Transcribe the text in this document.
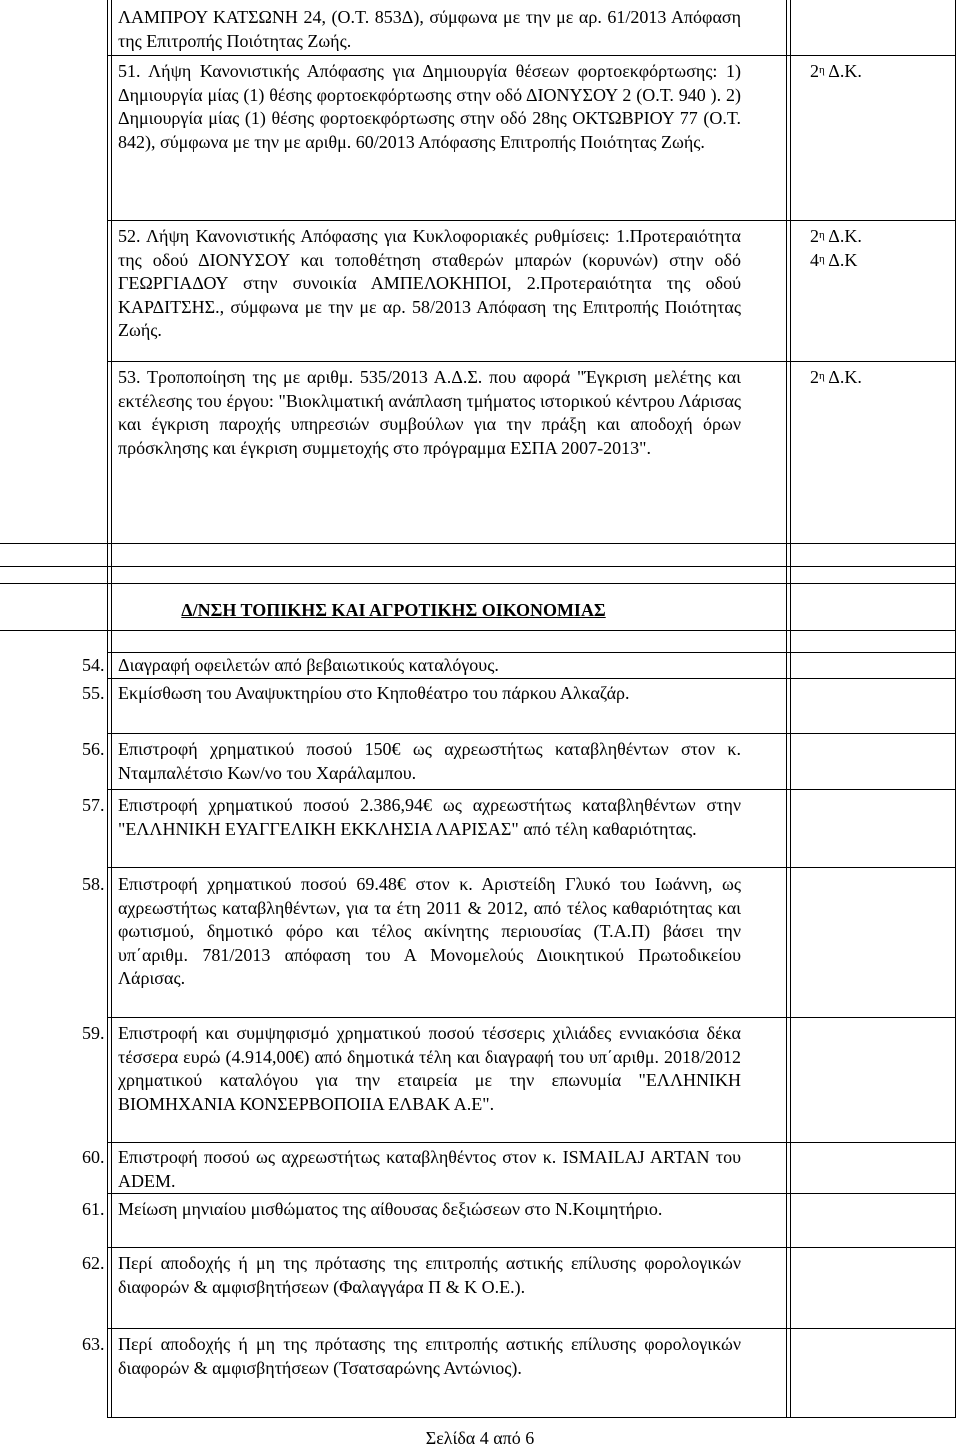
ΛΑΜΠΡΟΥ ΚΑΤΣΩΝΗ 24, (Ο.Τ. 853Δ), σύμφωνα με την με αρ. 61/2013 Απόφαση της Επιτροπής Ποιότητας Ζωής.
51. Λήψη Κανονιστικής Απόφασης για Δημιουργία θέσεων φορτοεκφόρτωσης: 1) Δημιουργία μίας (1) θέσης φορτοεκφόρτωσης στην οδό ΔΙΟΝΥΣΟΥ 2 (Ο.Τ. 940 ). 2) Δημιουργία μίας (1) θέσης φορτοεκφόρτωσης στην οδό 28ης ΟΚΤΩΒΡΙΟΥ 77 (Ο.Τ. 842), σύμφωνα με την με αριθμ. 60/2013 Απόφασης Επιτροπής Ποιότητας Ζωής.
$2^\eta$ Δ.Κ.
52. Λήψη Κανονιστικής Απόφασης για Κυκλοφοριακές ρυθμίσεις: 1.Προτεραιότητα της οδού ΔΙΟΝΥΣΟΥ και τοποθέτηση σταθερών μπαρών (κορυνών) στην οδό ΓΕΩΡΓΙΑΔΟΥ στην συνοικία ΑΜΠΕΛΟΚΗΠΟΙ, 2.Προτεραιότητα της οδού ΚΑΡΔΙΤΣΗΣ., σύμφωνα με την με αρ. 58/2013 Απόφαση της Επιτροπής Ποιότητας Ζωής.
$2^\eta$ Δ.Κ.
$4^\eta$ Δ.Κ
53. Τροποποίηση της με αριθμ. 535/2013 Α.Δ.Σ. που αφορά "Έγκριση μελέτης και εκτέλεσης του έργου: "Βιοκλιματική ανάπλαση τμήματος ιστορικού κέντρου Λάρισας και έγκριση παροχής υπηρεσιών συμβούλων για την πράξη και αποδοχή όρων πρόσκλησης και έγκριση συμμετοχής στο πρόγραμμα ΕΣΠΑ 2007-2013".
$2^\eta$ Δ.Κ.
Δ/ΝΣΗ ΤΟΠΙΚΗΣ ΚΑΙ ΑΓΡΟΤΙΚΗΣ ΟΙΚΟΝΟΜΙΑΣ
54. Διαγραφή οφειλετών από βεβαιωτικούς καταλόγους.
55. Εκμίσθωση του Αναψυκτηρίου στο Κηποθέατρο του πάρκου Αλκαζάρ.
56. Επιστροφή χρηματικού ποσού 150€ ως αχρεωστήτως καταβληθέντων στον κ. Νταμπαλέτσιο Κων/νο του Χαράλαμπου.
57. Επιστροφή χρηματικού ποσού 2.386,94€ ως αχρεωστήτως καταβληθέντων στην "ΕΛΛΗΝΙΚΗ ΕΥΑΓΓΕΛΙΚΗ ΕΚΚΛΗΣΙΑ ΛΑΡΙΣΑΣ" από τέλη καθαριότητας.
58. Επιστροφή χρηματικού ποσού 69.48€ στον κ. Αριστείδη Γλυκό του Ιωάννη, ως αχρεωστήτως καταβληθέντων, για τα έτη 2011 & 2012, από τέλος καθαριότητας και φωτισμού, δημοτικό φόρο και τέλος ακίνητης περιουσίας (Τ.Α.Π) βάσει την υπ΄αριθμ. 781/2013 απόφαση του Α Μονομελούς Διοικητικού Πρωτοδικείου Λάρισας.
59. Επιστροφή και συμψηφισμό χρηματικού ποσού τέσσερις χιλιάδες εννιακόσια δέκα τέσσερα ευρώ (4.914,00€) από δημοτικά τέλη και διαγραφή του υπ΄αριθμ. 2018/2012 χρηματικού καταλόγου για την εταιρεία με την επωνυμία "ΕΛΛΗΝΙΚΗ ΒΙΟΜΗΧΑΝΙΑ ΚΟΝΣΕΡΒΟΠΟΙΙΑ ΕΛΒΑΚ Α.Ε".
60. Επιστροφή ποσού ως αχρεωστήτως καταβληθέντος στον κ. ISMAILAJ ARTAN του ADEM.
61. Μείωση μηνιαίου μισθώματος της αίθουσας δεξιώσεων στο Ν.Κοιμητήριο.
62. Περί αποδοχής ή μη της πρότασης της επιτροπής αστικής επίλυσης φορολογικών διαφορών & αμφισβητήσεων (Φαλαγγάρα Π & Κ Ο.Ε.).
63. Περί αποδοχής ή μη της πρότασης της επιτροπής αστικής επίλυσης φορολογικών διαφορών & αμφισβητήσεων (Τσατσαρώνης Αντώνιος).
Σελίδα 4 από 6
